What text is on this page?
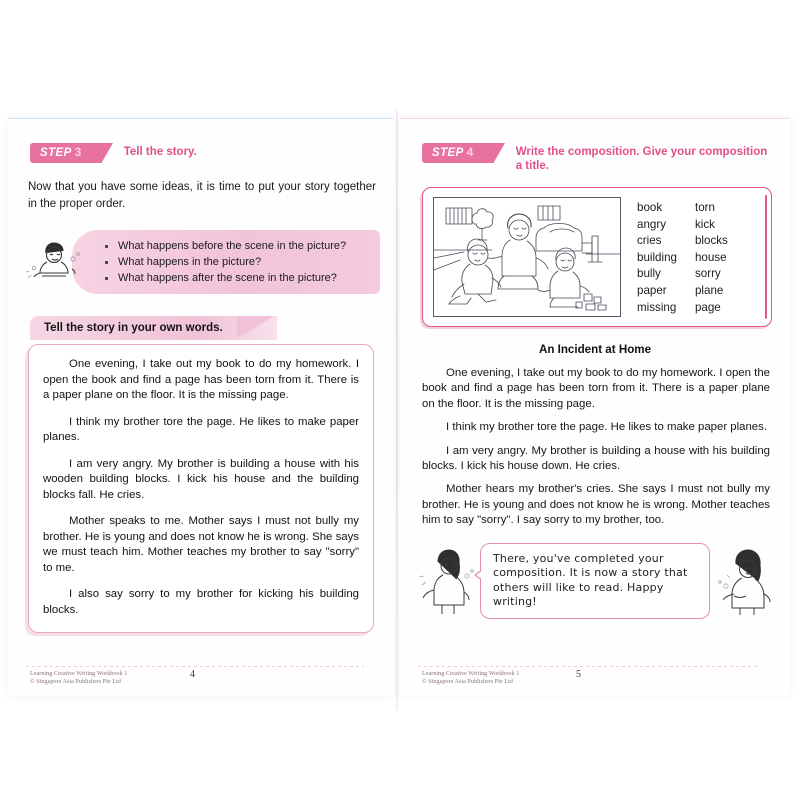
STEP 3	Tell the story.
Now that you have some ideas, it is time to put your story together in the proper order.
What happens before the scene in the picture?
What happens in the picture?
What happens after the scene in the picture?
Tell the story in your own words.

One evening, I take out my book to do my homework. I open the book and find a page has been torn from it. There is a paper plane on the floor. It is the missing page.

I think my brother tore the page. He likes to make paper planes.

I am very angry. My brother is building a house with his wooden building blocks. I kick his house and the building blocks fall. He cries.

Mother speaks to me. Mother says I must not bully my brother. He is young and does not know he is wrong. She says we must teach him. Mother teaches my brother to say "sorry" to me.

I also say sorry to my brother for kicking his building blocks.

Learning Creative Writing Workbook 1
© Singapore Asia Publishers Pte Ltd
4
STEP 4	Write the composition. Give your composition a title.
book
angry
cries
building
bully
paper
missing
torn
kick
blocks
house
sorry
plane
page
An Incident at Home

One evening, I take out my book to do my homework. I open the book and find a page has been torn from it. There is a paper plane on the floor. It is the missing page.

I think my brother tore the page. He likes to make paper planes.

I am very angry. My brother is building a house with his building blocks. I kick his house down. He cries.

Mother hears my brother's cries. She says I must not bully my brother. He is young and does not know he is wrong. Mother teaches him to say "sorry". I say sorry to my brother, too.

There, you've completed your composition. It is now a story that others will like to read. Happy writing!

Learning Creative Writing Workbook 1
© Singapore Asia Publishers Pte Ltd
5
